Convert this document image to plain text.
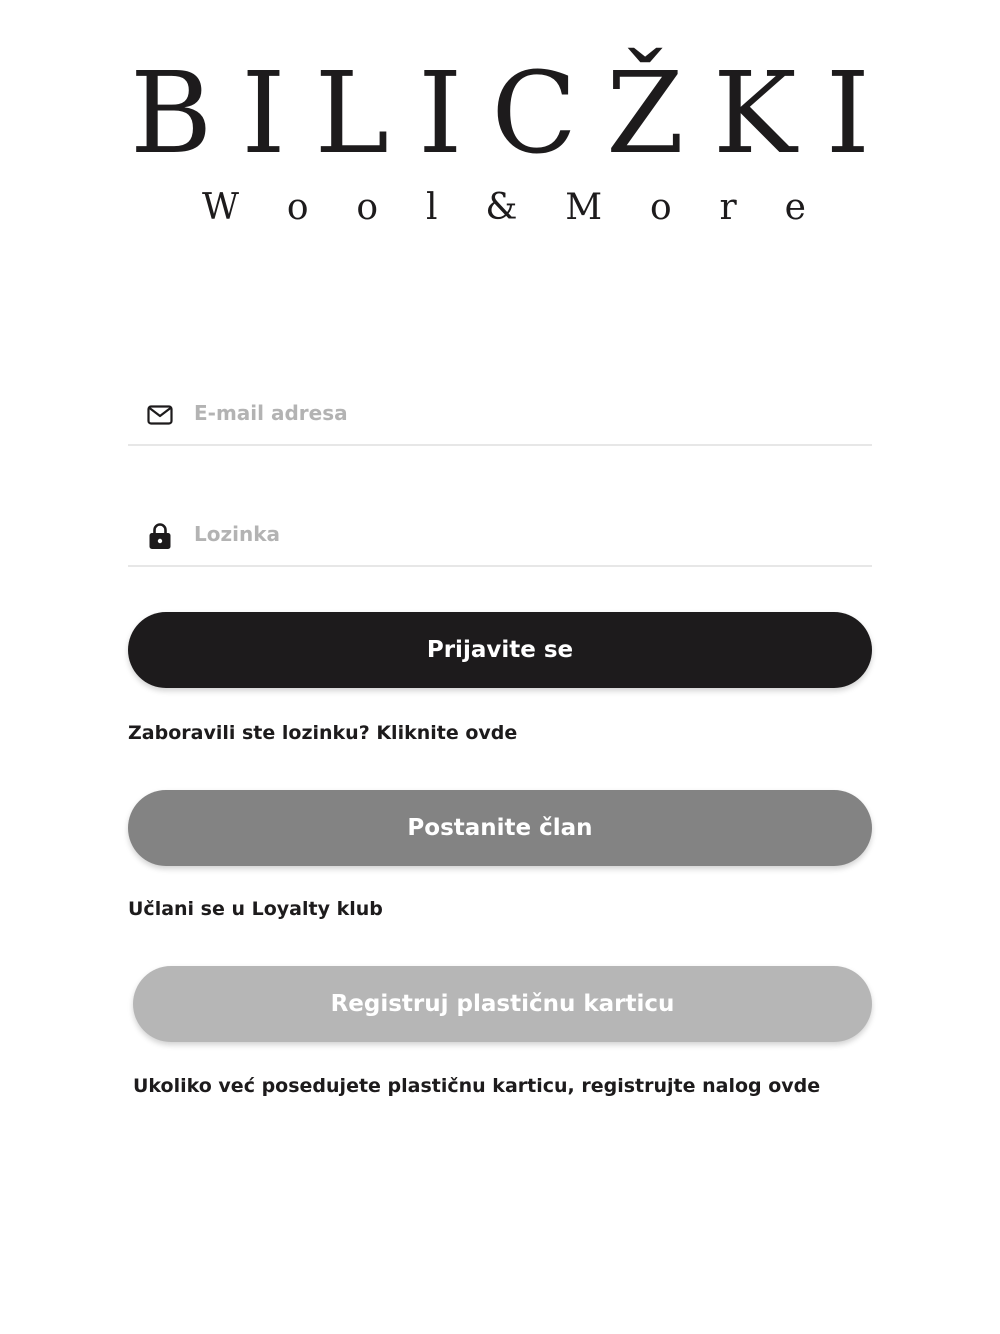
B I L I C Ž K I
W o o l & M o r e
E-mail adresa
Prijavite se
Zaboravili ste lozinku? Kliknite ovde
Postanite član
Učlani se u Loyalty klub
Registruj plastičnu karticu
Ukoliko već posedujete plastičnu karticu, registrujte nalog ovde
